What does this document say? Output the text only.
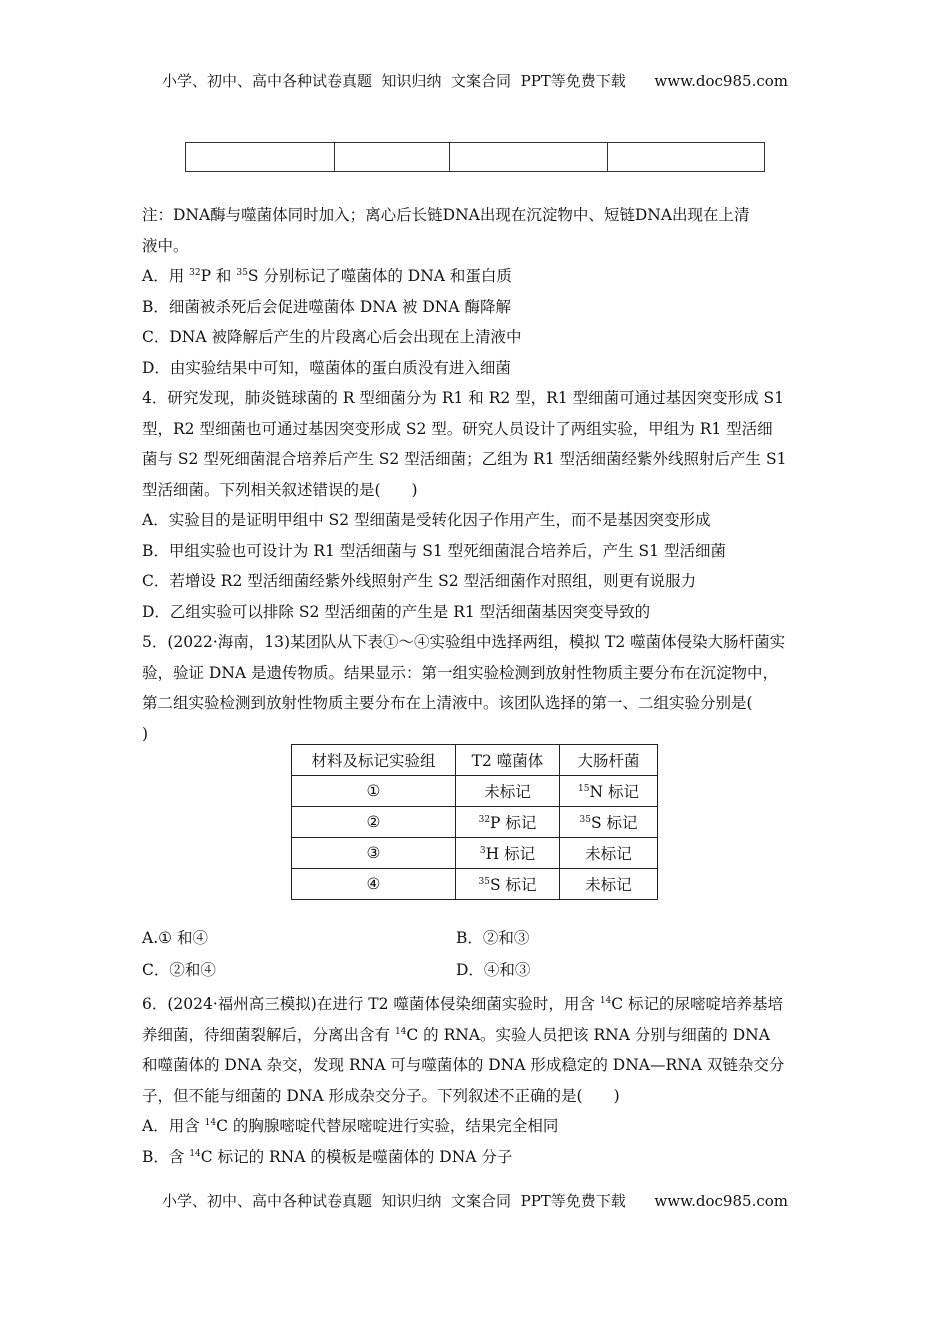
小学、初中、高中各种试卷真题  知识归纳  文案合同  PPT等免费下载      www.doc985.com

注：DNA酶与噬菌体同时加入；离心后长链DNA出现在沉淀物中、短链DNA出现在上清
液中。
A．用 $^{32}$P 和 $^{35}$S 分别标记了噬菌体的 DNA 和蛋白质
B．细菌被杀死后会促进噬菌体 DNA 被 DNA 酶降解
C．DNA 被降解后产生的片段离心后会出现在上清液中
D．由实验结果中可知，噬菌体的蛋白质没有进入细菌
4．研究发现，肺炎链球菌的 R 型细菌分为 R1 和 R2 型，R1 型细菌可通过基因突变形成 S1
型，R2 型细菌也可通过基因突变形成 S2 型。研究人员设计了两组实验，甲组为 R1 型活细
菌与 S2 型死细菌混合培养后产生 S2 型活细菌；乙组为 R1 型活细菌经紫外线照射后产生 S1
型活细菌。下列相关叙述错误的是(　　)
A．实验目的是证明甲组中 S2 型细菌是受转化因子作用产生，而不是基因突变形成
B．甲组实验也可设计为 R1 型活细菌与 S1 型死细菌混合培养后，产生 S1 型活细菌
C．若增设 R2 型活细菌经紫外线照射产生 S2 型活细菌作对照组，则更有说服力
D．乙组实验可以排除 S2 型活细菌的产生是 R1 型活细菌基因突变导致的
5．(2022·海南，13)某团队从下表①～④实验组中选择两组，模拟 T2 噬菌体侵染大肠杆菌实
验，验证 DNA 是遗传物质。结果显示：第一组实验检测到放射性物质主要分布在沉淀物中，
第二组实验检测到放射性物质主要分布在上清液中。该团队选择的第一、二组实验分别是(
)
材料及标记实验组	T2 噬菌体	大肠杆菌
①	未标记	$^{15}$N 标记
②	$^{32}$P 标记	$^{35}$S 标记
③	$^3$H 标记	未标记
④	$^{35}$S 标记	未标记
A.① 和④	B．②和③
C．②和④	D．④和③
6．(2024·福州高三模拟)在进行 T2 噬菌体侵染细菌实验时，用含 $^{14}$C 标记的尿嘧啶培养基培
养细菌，待细菌裂解后，分离出含有 $^{14}$C 的 RNA。实验人员把该 RNA 分别与细菌的 DNA
和噬菌体的 DNA 杂交，发现 RNA 可与噬菌体的 DNA 形成稳定的 DNA—RNA 双链杂交分
子，但不能与细菌的 DNA 形成杂交分子。下列叙述不正确的是(　　)
A．用含 $^{14}$C 的胸腺嘧啶代替尿嘧啶进行实验，结果完全相同
B．含 $^{14}$C 标记的 RNA 的模板是噬菌体的 DNA 分子
小学、初中、高中各种试卷真题  知识归纳  文案合同  PPT等免费下载      www.doc985.com
